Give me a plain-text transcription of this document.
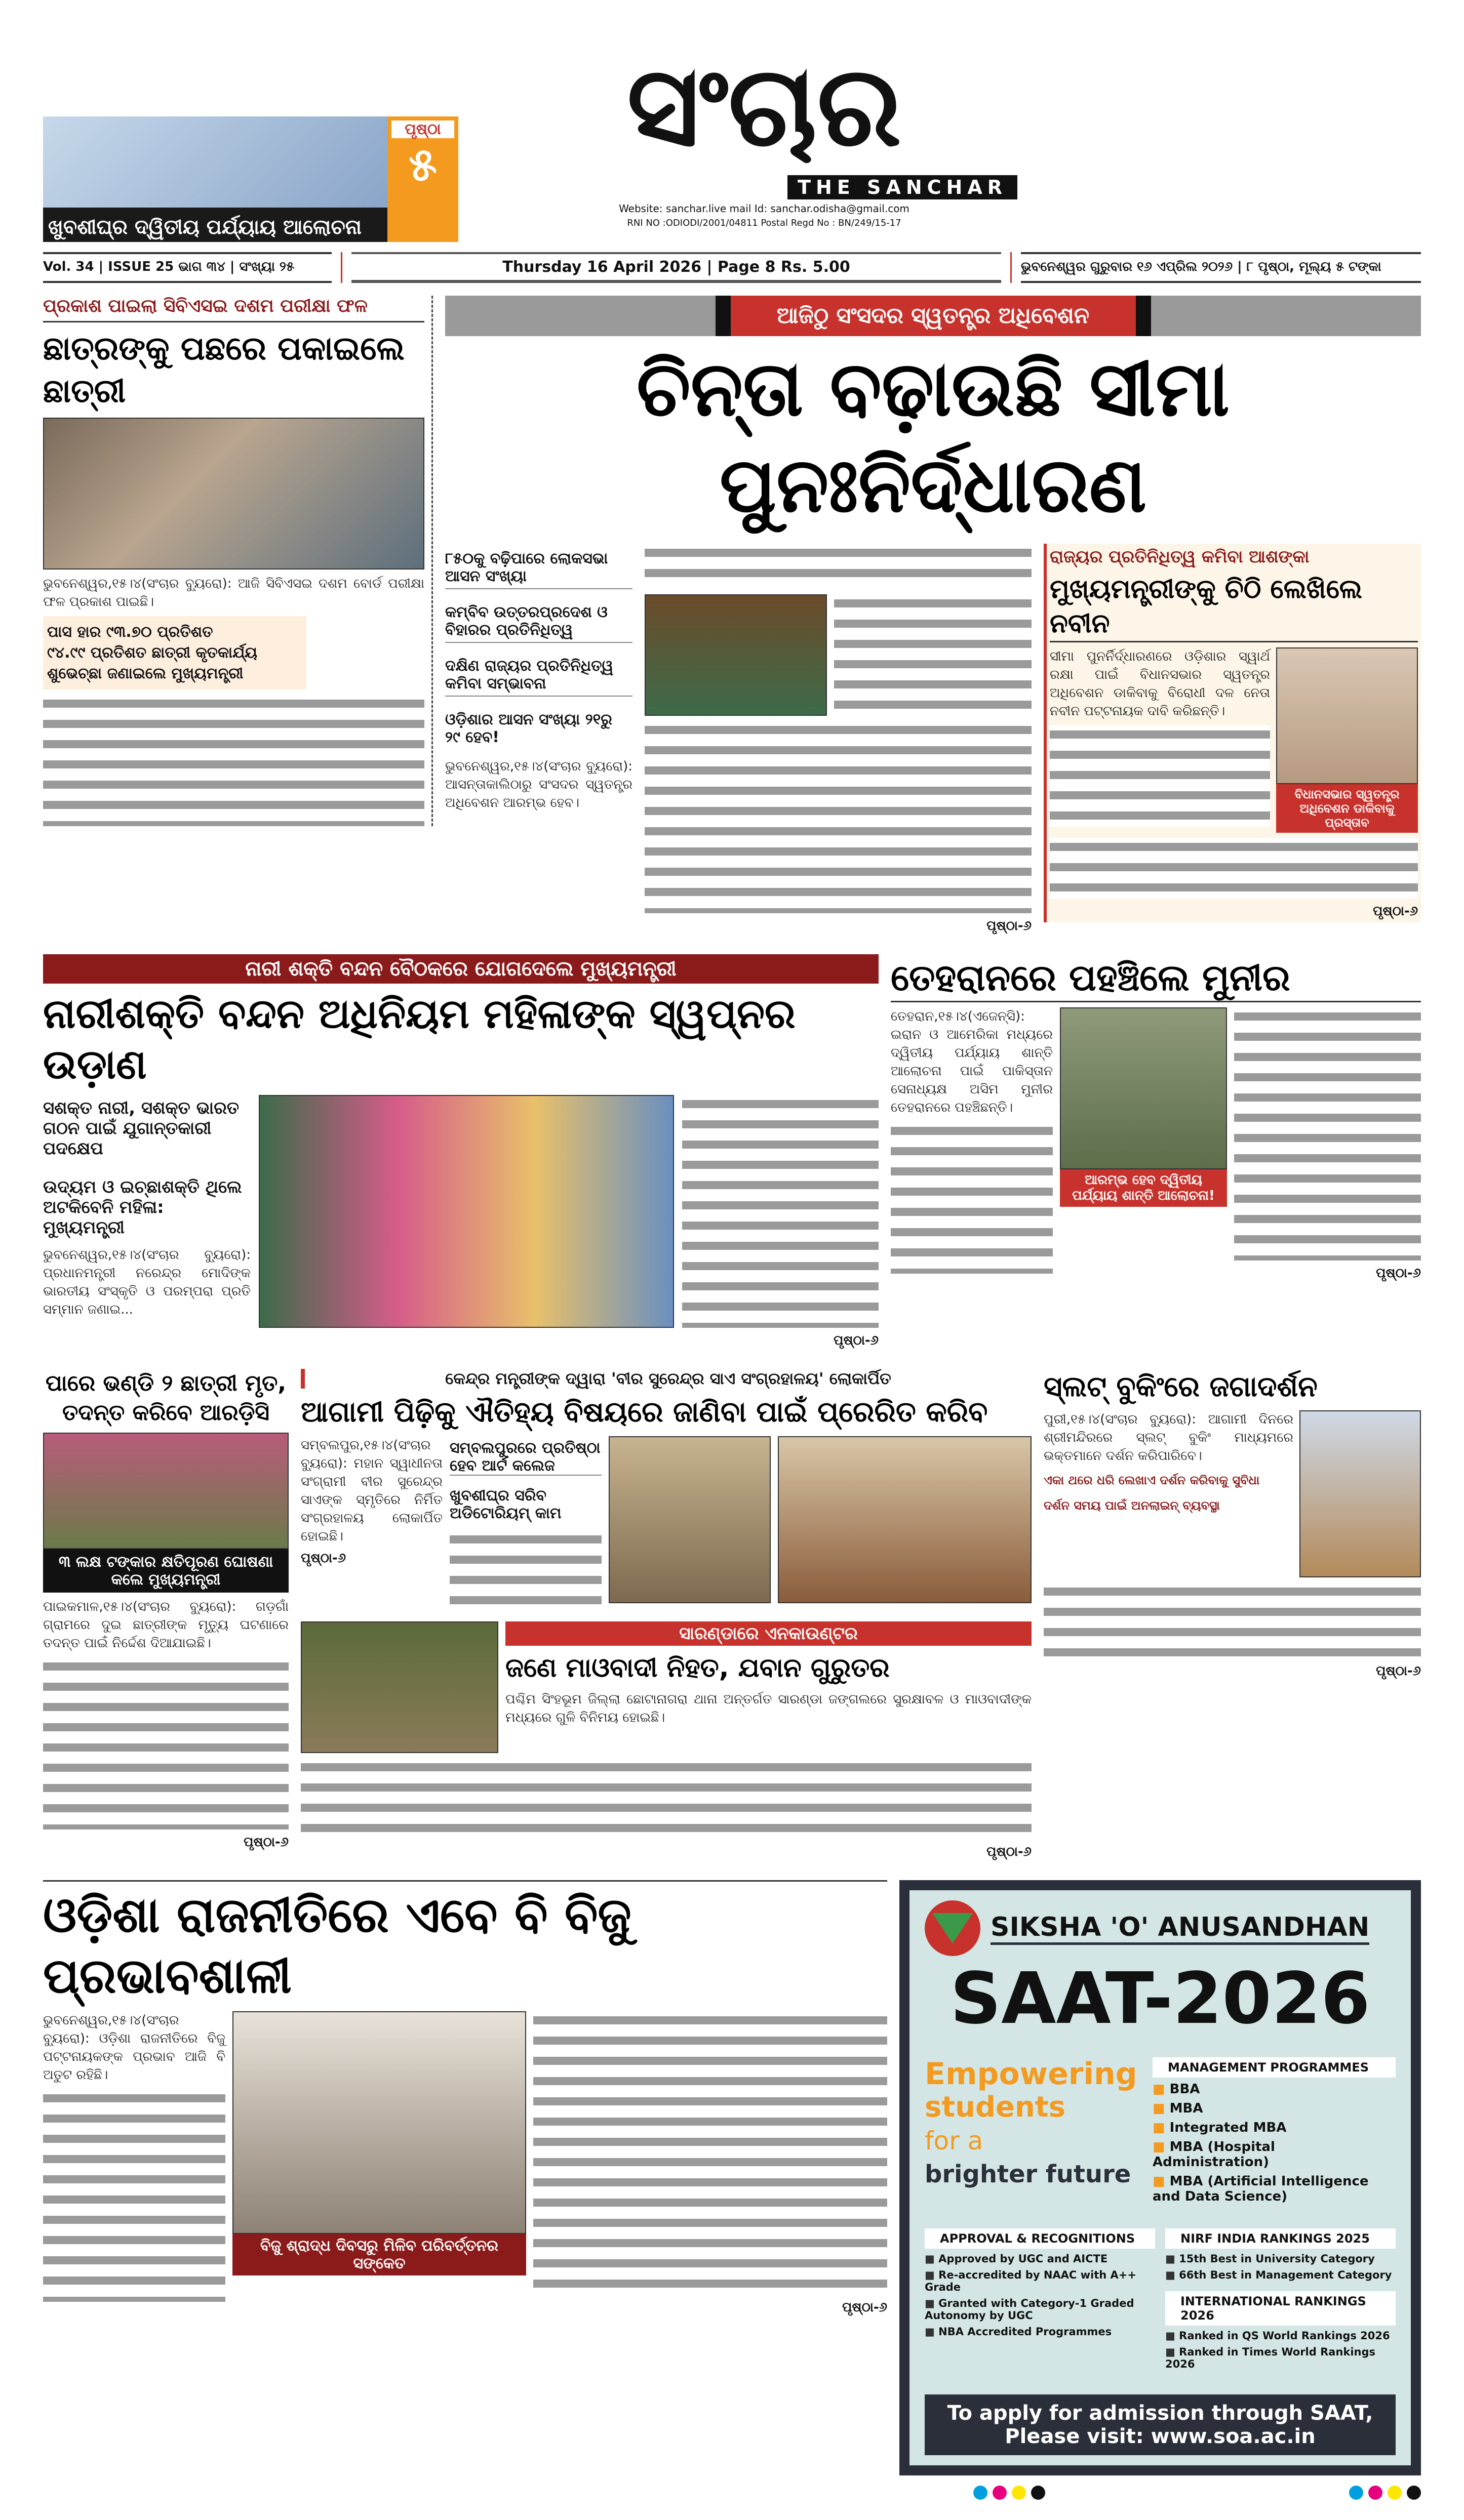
ଖୁବଶୀଘ୍ର ଦ୍ୱିତୀୟ ପର୍ଯ୍ୟାୟ ଆଲୋଚନା
ପୃଷ୍ଠା
୫ ସଂଚାର
THE SANCHAR
Website: sanchar.live mail Id: sanchar.odisha@gmail.com
RNI NO :ODIODI/2001/04811 Postal Regd No : BN/249/15-17
Vol. 34 | ISSUE 25 ଭାଗ ୩୪ | ସଂଖ୍ୟା ୨୫	Thursday 16 April 2026 | Page 8 Rs. 5.00	ଭୁବନେଶ୍ୱର ଗୁରୁବାର ୧୬ ଏପ୍ରିଲ ୨୦୨୬ | ୮ ପୃଷ୍ଠା, ମୂଲ୍ୟ ୫ ଟଙ୍କା
ପ୍ରକାଶ ପାଇଲା ସିବିଏସଇ ଦଶମ ପରୀକ୍ଷା ଫଳ
ଛାତ୍ରଙ୍କୁ ପଛରେ ପକାଇଲେ ଛାତ୍ରୀ
ଭୁବନେଶ୍ୱର,୧୫।୪(ସଂଚାର ବ୍ୟୁରୋ): ଆଜି ସିବିଏସଇ ଦଶମ ବୋର୍ଡ ପରୀକ୍ଷା ଫଳ ପ୍ରକାଶ ପାଇଛି।
ପାସ ହାର ୯୩.୭୦ ପ୍ରତିଶତ
୯୪.୯୯ ପ୍ରତିଶତ ଛାତ୍ରୀ କୃତକାର୍ଯ୍ୟ
ଶୁଭେଚ୍ଛା ଜଣାଇଲେ ମୁଖ୍ୟମନ୍ତ୍ରୀ
ଆଜିଠୁ ସଂସଦର ସ୍ୱତନ୍ତ୍ର ଅଧିବେଶନ
ଚିନ୍ତା ବଢ଼ାଉଛି ସୀମା ପୁନଃନିର୍ଦ୍ଧାରଣ
୮୫୦କୁ ବଢ଼ିପାରେ ଲୋକସଭା ଆସନ ସଂଖ୍ୟା
କମ୍ବିବ ଉତ୍ତରପ୍ରଦେଶ ଓ ବିହାରର ପ୍ରତିନିଧିତ୍ୱ
ଦକ୍ଷିଣ ରାଜ୍ୟର ପ୍ରତିନିଧିତ୍ୱ କମିବା ସମ୍ଭାବନା
ଓଡ଼ିଶାର ଆସନ ସଂଖ୍ୟା ୨୧ରୁ ୨୯ ହେବ!
ଭୁବନେଶ୍ୱର,୧୫।୪(ସଂଚାର ବ୍ୟୁରୋ): ଆସନ୍ତାକାଲିଠାରୁ ସଂସଦର ସ୍ୱତନ୍ତ୍ର ଅଧିବେଶନ ଆରମ୍ଭ ହେବ।
ପୃଷ୍ଠା-୬
ରାଜ୍ୟର ପ୍ରତିନିଧିତ୍ୱ କମିବା ଆଶଙ୍କା
ମୁଖ୍ୟମନ୍ତ୍ରୀଙ୍କୁ ଚିଠି ଲେଖିଲେ ନବୀନ
ସୀମା ପୁନର୍ନିର୍ଦ୍ଧାରଣରେ ଓଡ଼ିଶାର ସ୍ୱାର୍ଥ ରକ୍ଷା ପାଇଁ ବିଧାନସଭାର ସ୍ୱତନ୍ତ୍ର ଅଧିବେଶନ ଡାକିବାକୁ ବିରୋଧୀ ଦଳ ନେତା ନବୀନ ପଟ୍ଟନାୟକ ଦାବି କରିଛନ୍ତି।
ବିଧାନସଭାର ସ୍ୱତନ୍ତ୍ର ଅଧିବେଶନ ଡାକିବାକୁ ପ୍ରସ୍ତାବ
ପୃଷ୍ଠା-୬
ନାରୀ ଶକ୍ତି ବନ୍ଦନ ବୈଠକରେ ଯୋଗଦେଲେ ମୁଖ୍ୟମନ୍ତ୍ରୀ
ନାରୀଶକ୍ତି ବନ୍ଦନ ଅଧିନିୟମ ମହିଳାଙ୍କ ସ୍ୱପ୍ନର ଉଡ଼ାଣ
ସଶକ୍ତ ନାରୀ, ସଶକ୍ତ ଭାରତ ଗଠନ ପାଇଁ ଯୁଗାନ୍ତକାରୀ ପଦକ୍ଷେପ
ଉଦ୍ୟମ ଓ ଇଚ୍ଛାଶକ୍ତି ଥିଲେ ଅଟକିବେନି ମହିଳା: ମୁଖ୍ୟମନ୍ତ୍ରୀ
ଭୁବନେଶ୍ୱର,୧୫।୪(ସଂଚାର ବ୍ୟୁରୋ): ପ୍ରଧାନମନ୍ତ୍ରୀ ନରେନ୍ଦ୍ର ମୋଦିଙ୍କ ଭାରତୀୟ ସଂସ୍କୃତି ଓ ପରମ୍ପରା ପ୍ରତି ସମ୍ମାନ ଜଣାଇ...
ପୃଷ୍ଠା-୬
ତେହରାନରେ ପହଞ୍ଚିଲେ ମୁନୀର
ତେହରାନ,୧୫।୪(ଏଜେନ୍ସି): ଇରାନ ଓ ଆମେରିକା ମଧ୍ୟରେ ଦ୍ୱିତୀୟ ପର୍ଯ୍ୟାୟ ଶାନ୍ତି ଆଲୋଚନା ପାଇଁ ପାକିସ୍ତାନ ସେନାଧ୍ୟକ୍ଷ ଅସିମ ମୁନୀର ତେହରାନରେ ପହଞ୍ଚିଛନ୍ତି।
ଆରମ୍ଭ ହେବ ଦ୍ୱିତୀୟ ପର୍ଯ୍ୟାୟ ଶାନ୍ତି ଆଲୋଚନା!
ପୃଷ୍ଠା-୬
ପାରେ ଭଣ୍ଡି ୨ ଛାତ୍ରୀ ମୃତ, ତଦନ୍ତ କରିବେ ଆରଡ଼ିସି
୩ ଲକ୍ଷ ଟଙ୍କାର କ୍ଷତିପୂରଣ ଘୋଷଣା କଲେ ମୁଖ୍ୟମନ୍ତ୍ରୀ
ପାଇକମାଳ,୧୫।୪(ସଂଚାର ବ୍ୟୁରୋ): ଗଡ଼ଗାଁ ଗ୍ରାମରେ ଦୁଇ ଛାତ୍ରୀଙ୍କ ମୃତ୍ୟୁ ଘଟଣାରେ ତଦନ୍ତ ପାଇଁ ନିର୍ଦ୍ଦେଶ ଦିଆଯାଇଛି।
ପୃଷ୍ଠା-୬
କେନ୍ଦ୍ର ମନ୍ତ୍ରୀଙ୍କ ଦ୍ୱାରା 'ବୀର ସୁରେନ୍ଦ୍ର ସାଏ ସଂଗ୍ରହାଳୟ' ଲୋକାର୍ପିତ
ଆଗାମୀ ପିଢ଼ିକୁ ଐତିହ୍ୟ ବିଷୟରେ ଜାଣିବା ପାଇଁ ପ୍ରେରିତ କରିବ
ସମ୍ବଲପୁର,୧୫।୪(ସଂଚାର ବ୍ୟୁରୋ): ମହାନ ସ୍ୱାଧୀନତା ସଂଗ୍ରାମୀ ବୀର ସୁରେନ୍ଦ୍ର ସାଏଙ୍କ ସ୍ମୃତିରେ ନିର୍ମିତ ସଂଗ୍ରହାଳୟ ଲୋକାର୍ପିତ ହୋଇଛି।
ପୃଷ୍ଠା-୬
ସମ୍ବଲପୁରରେ ପ୍ରତିଷ୍ଠା ହେବ ଆର୍ଟ କଲେଜ
ଖୁବଶୀଘ୍ର ସରିବ ଅଡିଟୋରିୟମ୍ କାମ
ସାରଣ୍ଡାରେ ଏନକାଉଣ୍ଟର
ଜଣେ ମାଓବାଦୀ ନିହତ, ଯବାନ ଗୁରୁତର
ପଶ୍ଚିମ ସିଂହଭୂମ ଜିଲ୍ଲା ଛୋଟାନାଗରା ଥାନା ଅନ୍ତର୍ଗତ ସାରଣ୍ଡା ଜଙ୍ଗଲରେ ସୁରକ୍ଷାବଳ ଓ ମାଓବାଦୀଙ୍କ ମଧ୍ୟରେ ଗୁଳି ବିନିମୟ ହୋଇଛି।
ପୃଷ୍ଠା-୬
ସ୍ଲଟ୍ ବୁକିଂରେ ଜଗାଦର୍ଶନ
ପୁରୀ,୧୫।୪(ସଂଚାର ବ୍ୟୁରୋ): ଆଗାମୀ ଦିନରେ ଶ୍ରୀମନ୍ଦିରରେ ସ୍ଲଟ୍ ବୁକିଂ ମାଧ୍ୟମରେ ଭକ୍ତମାନେ ଦର୍ଶନ କରିପାରିବେ।
ଏକା ଥରେ ଧରି ଲେଖାଏ ଦର୍ଶନ କରିବାକୁ ସୁବିଧା
ଦର୍ଶନ ସମୟ ପାଇଁ ଅନଲାଇନ୍ ବ୍ୟବସ୍ଥା
ପୃଷ୍ଠା-୬
ଓଡ଼ିଶା ରାଜନୀତିରେ ଏବେ ବି ବିଜୁ ପ୍ରଭାବଶାଳୀ
ଭୁବନେଶ୍ୱର,୧୫।୪(ସଂଚାର ବ୍ୟୁରୋ): ଓଡ଼ିଶା ରାଜନୀତିରେ ବିଜୁ ପଟ୍ଟନାୟକଙ୍କ ପ୍ରଭାବ ଆଜି ବି ଅତୁଟ ରହିଛି।
ବିଜୁ ଶ୍ରାଦ୍ଧ ଦିବସରୁ ମିଳିବ ପରିବର୍ତ୍ତନର ସଙ୍କେତ
ପୃଷ୍ଠା-୬
SIKSHA 'O' ANUSANDHAN
SAAT-2026
Empowering
students
for a
brighter future
MANAGEMENT PROGRAMMES
■ BBA
■ MBA
■ Integrated MBA
■ MBA (Hospital Administration)
■ MBA (Artificial Intelligence and Data Science)
APPROVAL & RECOGNITIONS
■ Approved by UGC and AICTE
■ Re-accredited by NAAC with A++ Grade
■ Granted with Category-1 Graded Autonomy by UGC
■ NBA Accredited Programmes
NIRF INDIA RANKINGS 2025
■ 15th Best in University Category
■ 66th Best in Management Category
INTERNATIONAL RANKINGS 2026
■ Ranked in QS World Rankings 2026
■ Ranked in Times World Rankings 2026
To apply for admission through SAAT,
Please visit: www.soa.ac.in
